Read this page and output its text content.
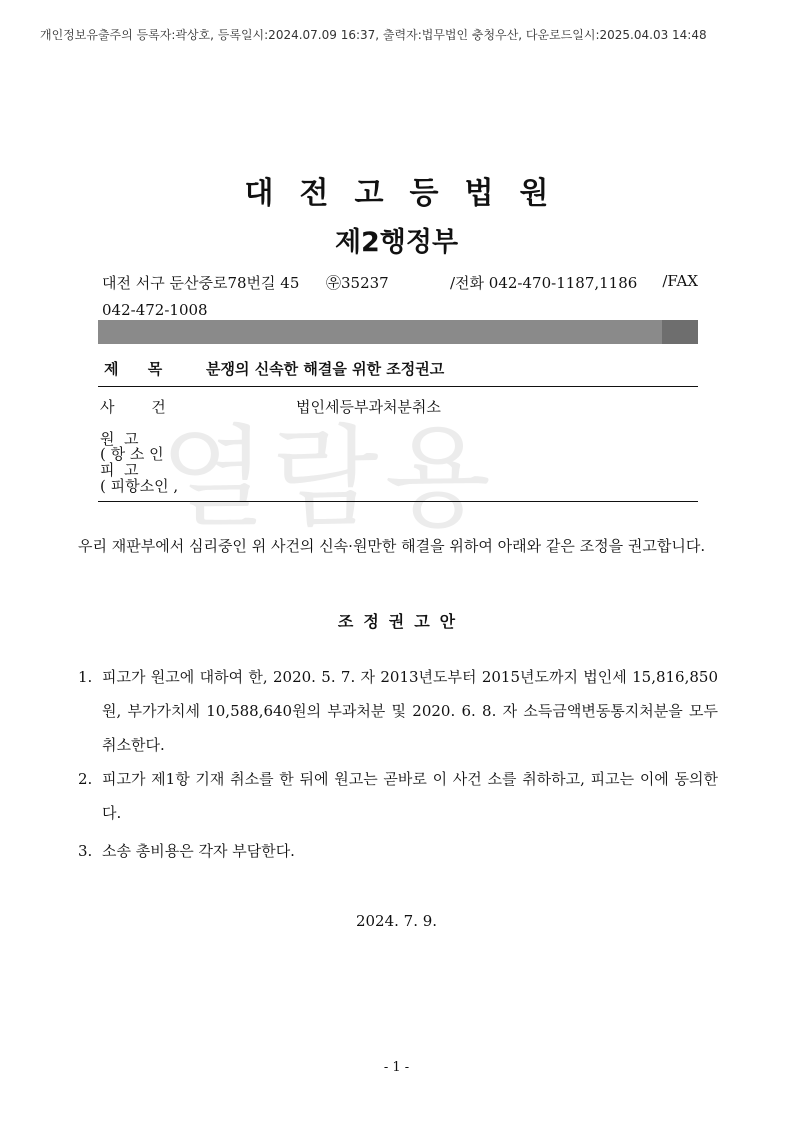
개인정보유출주의 등록자:곽상호, 등록일시:2024.07.09 16:37, 출력자:법무법인 충청우산, 다운로드일시:2025.04.03 14:48
대전고등법원
제2행정부
대전 서구 둔산중로78번길 45 ㉾35237	/전화 042-470-1187,1186 /FAX
042-472-1008
제 목 분쟁의 신속한 해결을 위한 조정권고
열람용
사 건	법인세등부과처분취소
원  고
( 항 소 인
피  고
( 피항소인 ,
우리 재판부에서 심리중인 위 사건의 신속·원만한 해결을 위하여 아래와 같은 조정을 권고합니다.
조정권고안
1. 피고가 원고에 대하여 한, 2020. 5. 7. 자 2013년도부터 2015년도까지 법인세 15,816,850원, 부가가치세 10,588,640원의 부과처분 및 2020. 6. 8. 자 소득금액변동통지처분을 모두 취소한다.
2. 피고가 제1항 기재 취소를 한 뒤에 원고는 곧바로 이 사건 소를 취하하고, 피고는 이에 동의한다.
3. 소송 총비용은 각자 부담한다.
2024. 7. 9.
- 1 -
